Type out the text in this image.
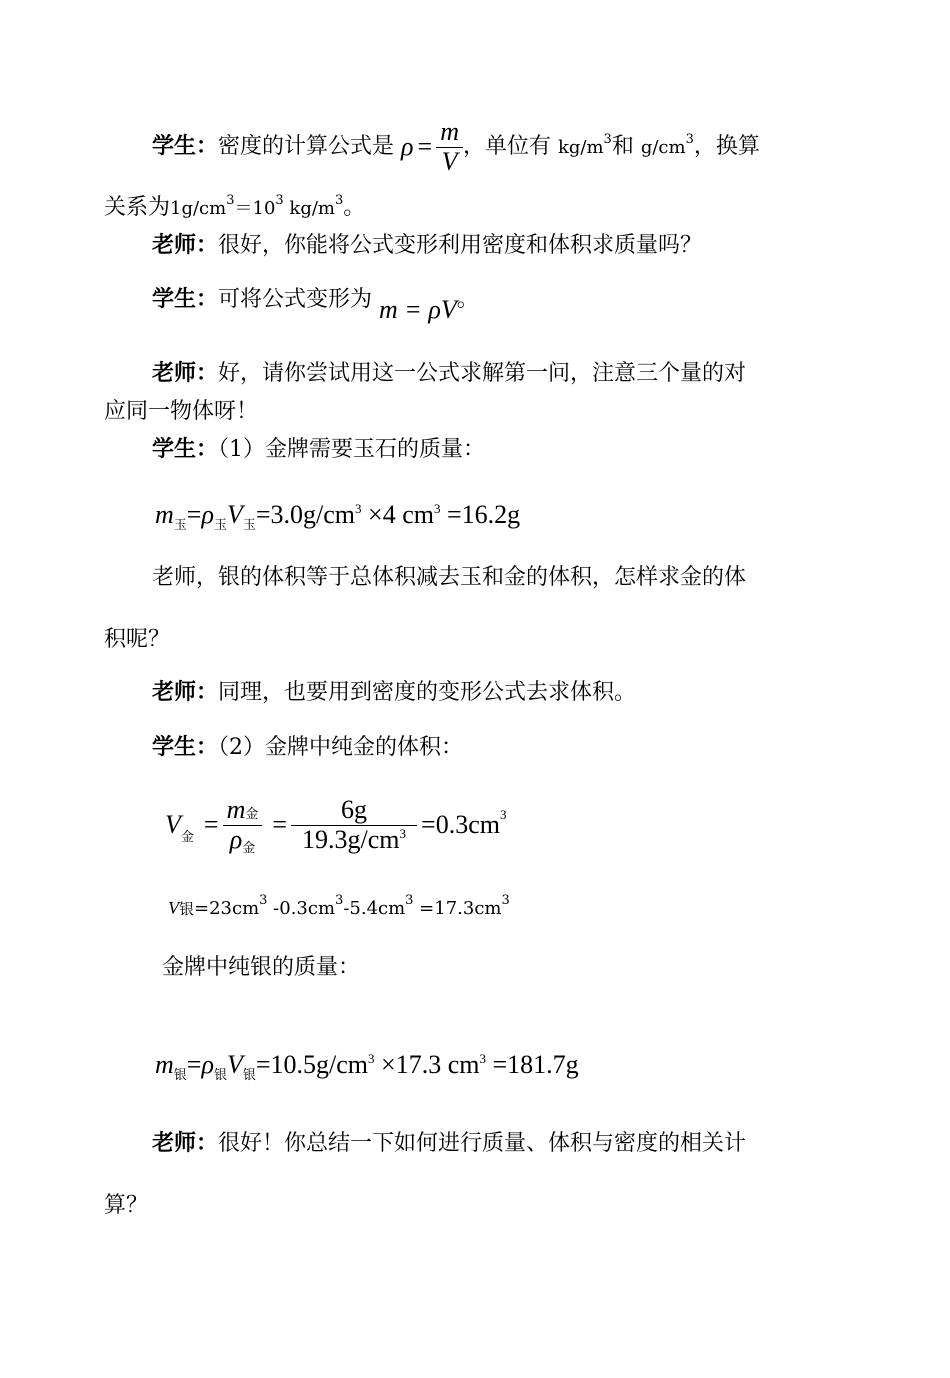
学生：密度的计算公式是 $\rho = \frac{m}{V}$ ，单位有 $kg/m^3$和 $g/cm^3$，换算
关系为$1g/cm^3=10^3$ $kg/m^3$。
老师：很好，你能将公式变形利用密度和体积求质量吗？
学生：可将公式变形为 m = ρV。
老师：好，请你尝试用这一公式求解第一问，注意三个量的对
应同一物体呀！
学生：（1）金牌需要玉石的质量：
$m_玉=\rho_玉V_玉=3.0g/cm^3 \times 4$ $cm^3 =16.2g$
老师，银的体积等于总体积减去玉和金的体积，怎样求金的体
积呢？
老师：同理，也要用到密度的变形公式去求体积。
学生：（2）金牌中纯金的体积：
V 金 = $\frac{\text{m金}}{\text{ρ金}} = \frac{6g}{19.3g/cm^3} =0.3cm$ 3
V银$=23cm^3$ $-0.3cm^3-5.4cm^3 =17.3cm^3$
金牌中纯银的质量：
$m_银=\rho_银V_银=10.5g/cm^3 \times 17.3$ $cm^3 =181.7g$
老师：很好！你总结一下如何进行质量、体积与密度的相关计
算？
